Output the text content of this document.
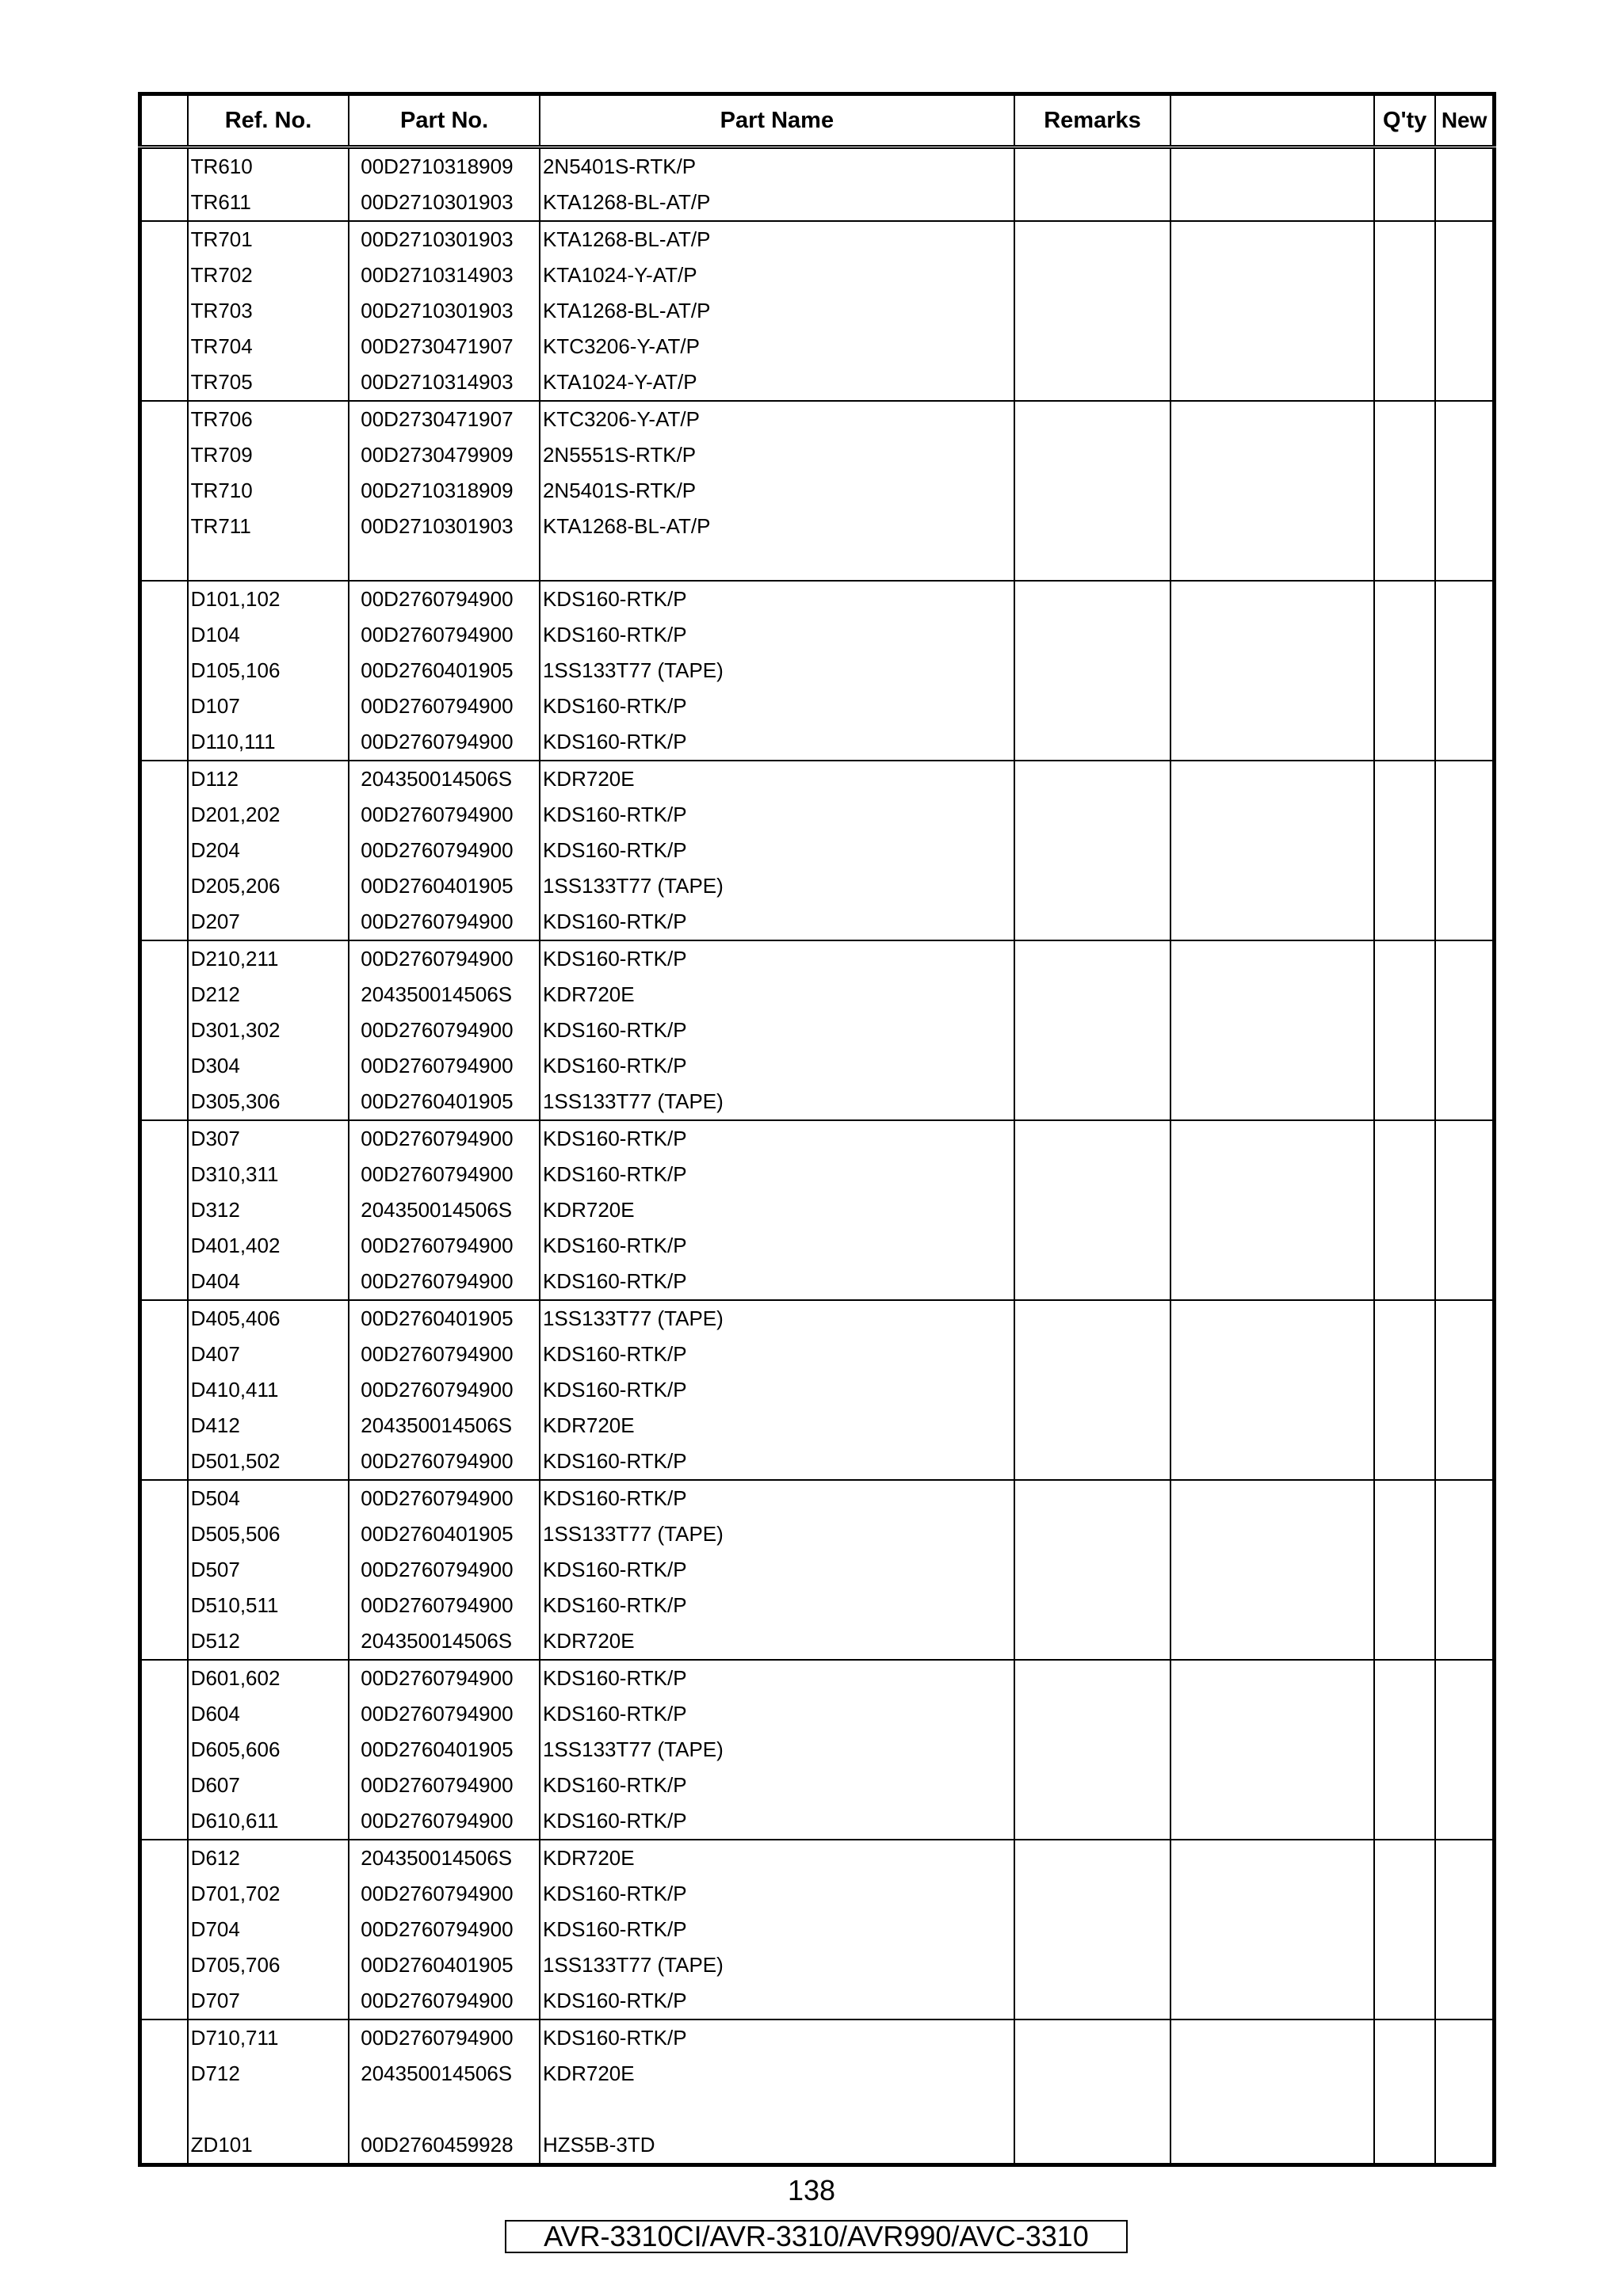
	Ref. No.	Part No.	Part Name	Remarks		Q'ty	New
	TR610	00D2710318909	2N5401S-RTK/P				
	TR611	00D2710301903	KTA1268-BL-AT/P				
	TR701	00D2710301903	KTA1268-BL-AT/P				
	TR702	00D2710314903	KTA1024-Y-AT/P				
	TR703	00D2710301903	KTA1268-BL-AT/P				
	TR704	00D2730471907	KTC3206-Y-AT/P				
	TR705	00D2710314903	KTA1024-Y-AT/P				
	TR706	00D2730471907	KTC3206-Y-AT/P				
	TR709	00D2730479909	2N5551S-RTK/P				
	TR710	00D2710318909	2N5401S-RTK/P				
	TR711	00D2710301903	KTA1268-BL-AT/P				

	D101,102	00D2760794900	KDS160-RTK/P				
	D104	00D2760794900	KDS160-RTK/P				
	D105,106	00D2760401905	1SS133T77 (TAPE)				
	D107	00D2760794900	KDS160-RTK/P				
	D110,111	00D2760794900	KDS160-RTK/P				
	D112	204350014506S	KDR720E				
	D201,202	00D2760794900	KDS160-RTK/P				
	D204	00D2760794900	KDS160-RTK/P				
	D205,206	00D2760401905	1SS133T77 (TAPE)				
	D207	00D2760794900	KDS160-RTK/P				
	D210,211	00D2760794900	KDS160-RTK/P				
	D212	204350014506S	KDR720E				
	D301,302	00D2760794900	KDS160-RTK/P				
	D304	00D2760794900	KDS160-RTK/P				
	D305,306	00D2760401905	1SS133T77 (TAPE)				
	D307	00D2760794900	KDS160-RTK/P				
	D310,311	00D2760794900	KDS160-RTK/P				
	D312	204350014506S	KDR720E				
	D401,402	00D2760794900	KDS160-RTK/P				
	D404	00D2760794900	KDS160-RTK/P				
	D405,406	00D2760401905	1SS133T77 (TAPE)				
	D407	00D2760794900	KDS160-RTK/P				
	D410,411	00D2760794900	KDS160-RTK/P				
	D412	204350014506S	KDR720E				
	D501,502	00D2760794900	KDS160-RTK/P				
	D504	00D2760794900	KDS160-RTK/P				
	D505,506	00D2760401905	1SS133T77 (TAPE)				
	D507	00D2760794900	KDS160-RTK/P				
	D510,511	00D2760794900	KDS160-RTK/P				
	D512	204350014506S	KDR720E				
	D601,602	00D2760794900	KDS160-RTK/P				
	D604	00D2760794900	KDS160-RTK/P				
	D605,606	00D2760401905	1SS133T77 (TAPE)				
	D607	00D2760794900	KDS160-RTK/P				
	D610,611	00D2760794900	KDS160-RTK/P				
	D612	204350014506S	KDR720E				
	D701,702	00D2760794900	KDS160-RTK/P				
	D704	00D2760794900	KDS160-RTK/P				
	D705,706	00D2760401905	1SS133T77 (TAPE)				
	D707	00D2760794900	KDS160-RTK/P				
	D710,711	00D2760794900	KDS160-RTK/P				
	D712	204350014506S	KDR720E				

	ZD101	00D2760459928	HZS5B-3TD				
138
AVR-3310CI/AVR-3310/AVR990/AVC-3310
